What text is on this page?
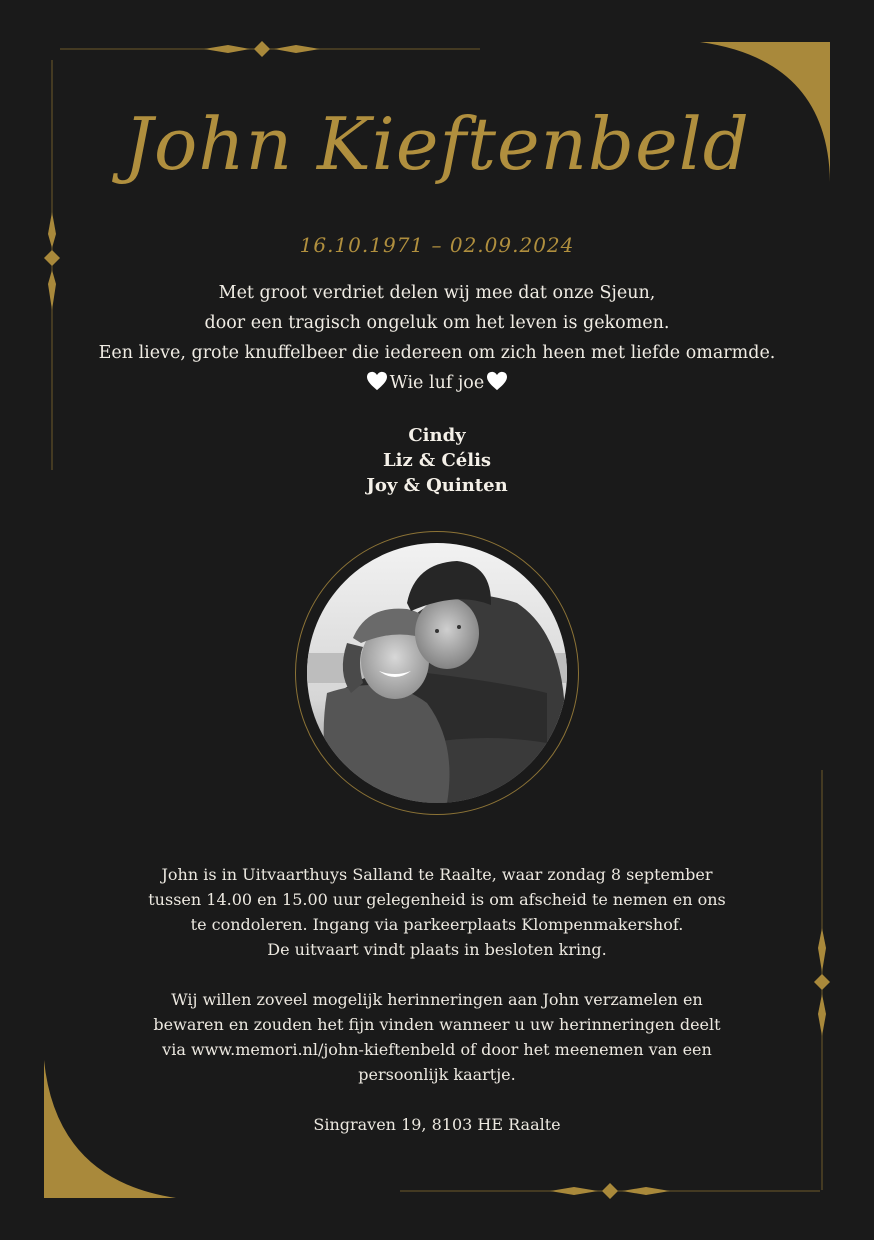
John Kieftenbeld
16.10.1971 – 02.09.2024

Met groot verdriet delen wij mee dat onze Sjeun,

door een tragisch ongeluk om het leven is gekomen.

Een lieve, grote knuffelbeer die iedereen om zich heen met liefde omarmde.

Wie luf joe

Cindy
Liz & Célis
Joy & Quinten

John is in Uitvaarthuys Salland te Raalte, waar zondag 8 september
tussen 14.00 en 15.00 uur gelegenheid is om afscheid te nemen en ons
te condoleren. Ingang via parkeerplaats Klompenmakershof.
De uitvaart vindt plaats in besloten kring.

Wij willen zoveel mogelijk herinneringen aan John verzamelen en
bewaren en zouden het fijn vinden wanneer u uw herinneringen deelt
via www.memori.nl/john-kieftenbeld of door het meenemen van een
persoonlijk kaartje.

Singraven 19, 8103 HE Raalte
